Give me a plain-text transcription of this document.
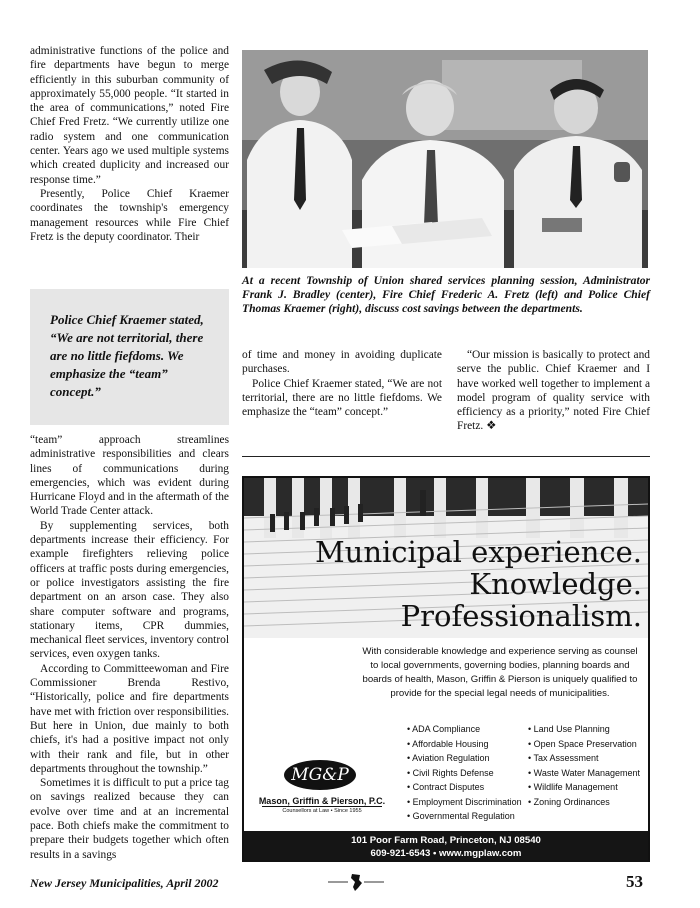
administrative functions of the police and fire departments have begun to merge efficiently in this suburban community of approximately 55,000 people. “It started in the area of communications,” noted Fire Chief Fred Fretz. “We currently utilize one radio system and one communication center. Years ago we used multiple systems which created duplicity and increased our response time.”

Presently, Police Chief Kraemer coordinates the township's emergency management resources while Fire Chief Fretz is the deputy coordinator. Their

At a recent Township of Union shared services planning session, Administrator Frank J. Bradley (center), Fire Chief Frederic A. Fretz (left) and Police Chief Thomas Kraemer (right), discuss cost savings between the departments.
Police Chief Kraemer stated, “We are not territorial, there are no little fiefdoms. We emphasize the “team” concept.”

of time and money in avoiding duplicate purchases.

Police Chief Kraemer stated, “We are not territorial, there are no little fiefdoms. We emphasize the “team” concept.”

“Our mission is basically to protect and serve the public. Chief Kraemer and I have worked well together to implement a model program of quality service with efficiency as a priority,” noted Fire Chief Fretz. ❖

“team” approach streamlines administrative responsibilities and clears lines of communications during emergencies, which was evident during Hurricane Floyd and in the aftermath of the World Trade Center attack.

By supplementing services, both departments increase their efficiency. For example firefighters relieving police officers at traffic posts during emergencies, or police investigators assisting the fire department on an arson case. They also share computer software and programs, stationary items, CPR dummies, mechanical fleet services, inventory control services, even oxygen tanks.

According to Committeewoman and Fire Commissioner Brenda Restivo, “Historically, police and fire departments have met with friction over responsibilities. But here in Union, due mainly to both chiefs, it's had a positive impact not only with their rank and file, but in other departments throughout the township.”

Sometimes it is difficult to put a price tag on savings realized because they can evolve over time and at an incremental pace. Both chiefs make the commitment to prepare their budgets together which often results in a savings

Municipal experience.
Knowledge.
Professionalism.
With considerable knowledge and experience serving as counsel to local governments, governing bodies, planning boards and boards of health, Mason, Griffin & Pierson is uniquely qualified to provide for the special legal needs of municipalities.
• ADA Compliance
• Affordable Housing
• Aviation Regulation
• Civil Rights Defense
• Contract Disputes
• Employment Discrimination
• Governmental Regulation
• Land Use Planning
• Open Space Preservation
• Tax Assessment
• Waste Water Management
• Wildlife Management
• Zoning Ordinances
MG&P
Mason, Griffin & Pierson, P.C.
Counsellors at Law • Since 1955
101 Poor Farm Road, Princeton, NJ 08540
609-921-6543 • www.mgplaw.com
New Jersey Municipalities, April 2002	53
